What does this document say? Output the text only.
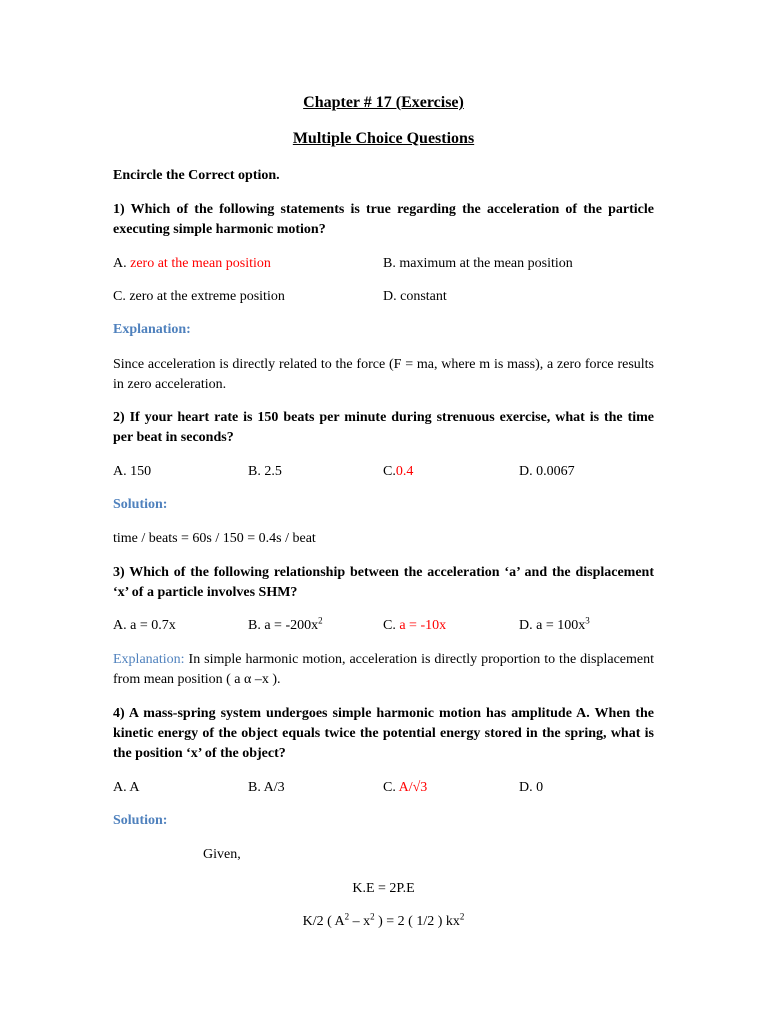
Chapter # 17 (Exercise)
Multiple Choice Questions
Encircle the Correct option.
1) Which of the following statements is true regarding the acceleration of the particle executing simple harmonic motion?
A. zero at the mean position	B. maximum at the mean position
C. zero at the extreme position	D. constant
Explanation:
Since acceleration is directly related to the force (F = ma, where m is mass), a zero force results in zero acceleration.
2) If your heart rate is 150 beats per minute during strenuous exercise, what is the time per beat in seconds?
A. 150	B. 2.5	C.0.4	D. 0.0067
Solution:
time / beats = 60s / 150 = 0.4s / beat
3) Which of the following relationship between the acceleration ‘a’ and the displacement ‘x’ of a particle involves SHM?
A. a = 0.7x	B. $a = -200x^2$	C. a = -10x	D. $a = 100x^3$
Explanation: In simple harmonic motion, acceleration is directly proportion to the displacement from mean position ( a α –x ).
4) A mass-spring system undergoes simple harmonic motion has amplitude A. When the kinetic energy of the object equals twice the potential energy stored in the spring, what is the position ‘x’ of the object?
A. A	B. A/3	C. A/√3	D. 0
Solution:
Given,
K.E = 2P.E
K/2 ( $A^2 - x^2$ ) = 2 ( 1/2 ) $kx^2$
